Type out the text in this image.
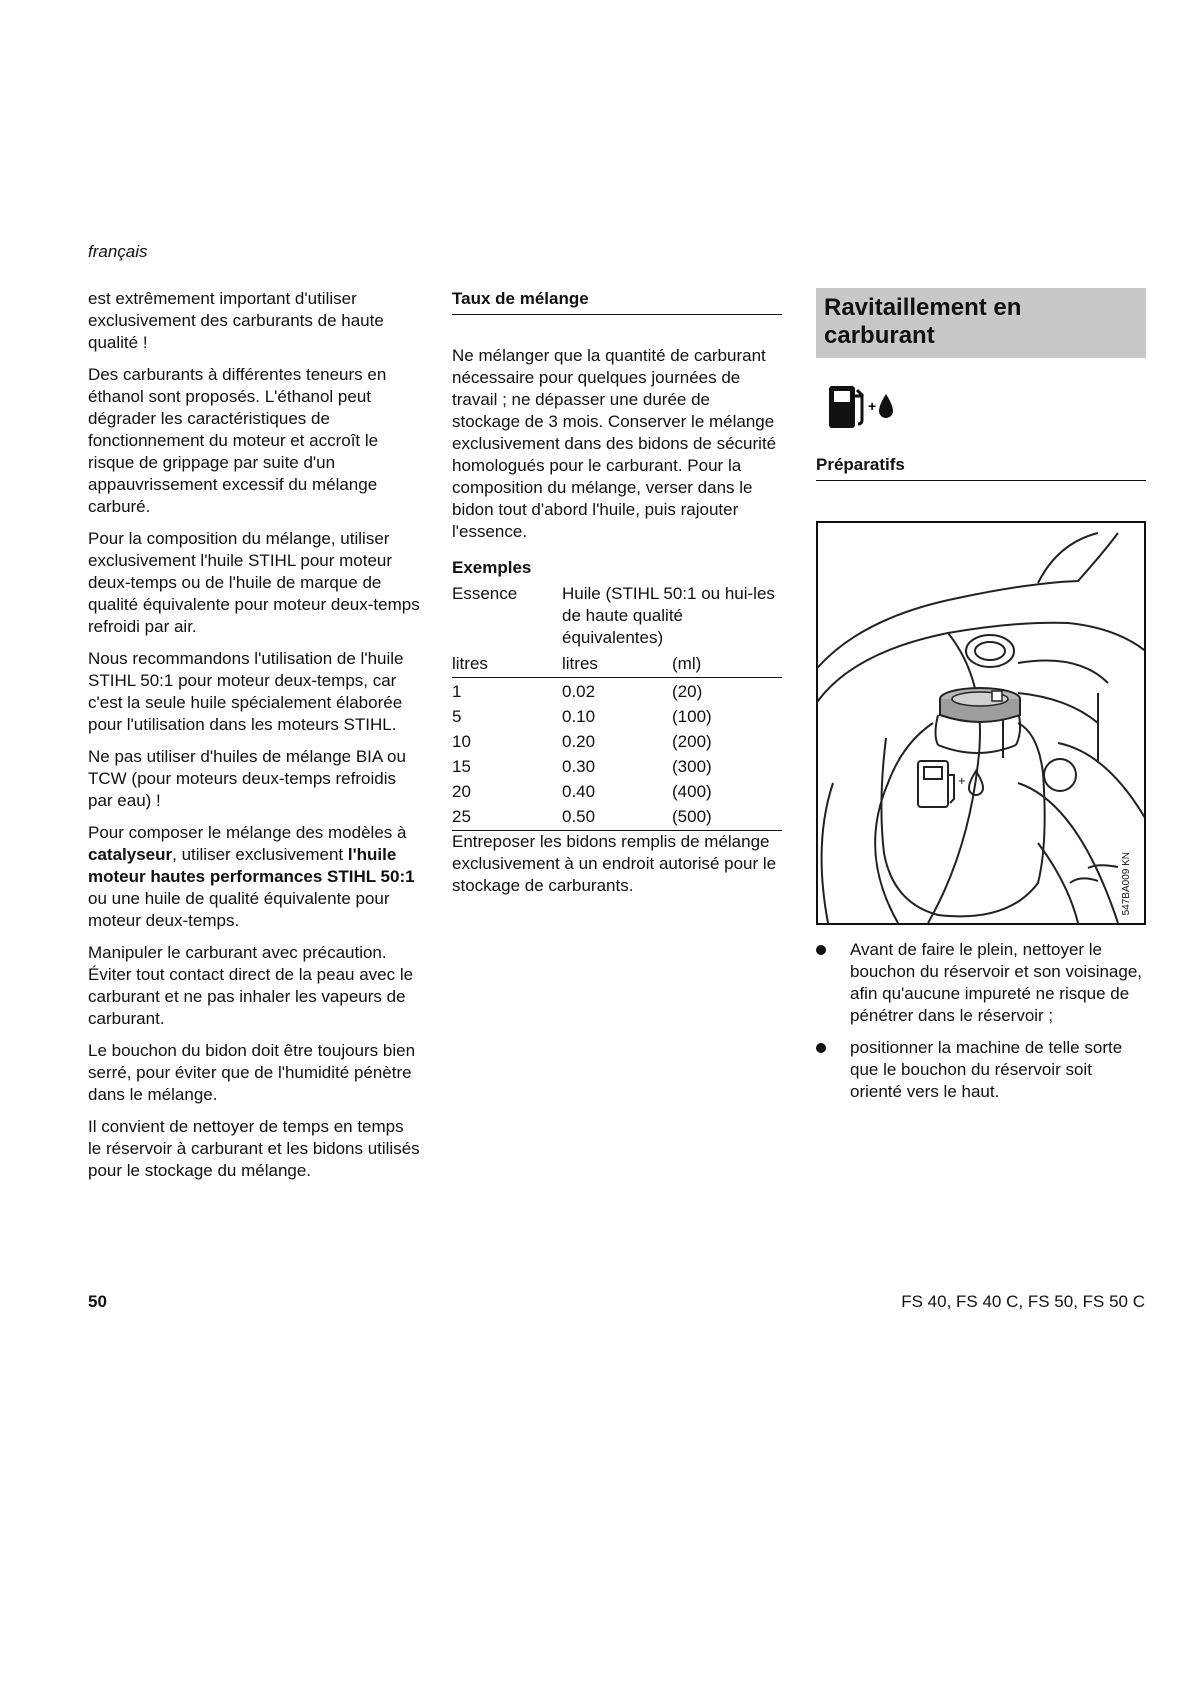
français

est extrêmement important d'utiliser exclusivement des carburants de haute qualité !

Des carburants à différentes teneurs en éthanol sont proposés. L'éthanol peut dégrader les caractéristiques de fonctionnement du moteur et accroît le risque de grippage par suite d'un appauvrissement excessif du mélange carburé.

Pour la composition du mélange, utiliser exclusivement l'huile STIHL pour moteur deux-temps ou de l'huile de marque de qualité équivalente pour moteur deux-temps refroidi par air.

Nous recommandons l'utilisation de l'huile STIHL 50:1 pour moteur deux-temps, car c'est la seule huile spécialement élaborée pour l'utilisation dans les moteurs STIHL.

Ne pas utiliser d'huiles de mélange BIA ou TCW (pour moteurs deux-temps refroidis par eau) !

Pour composer le mélange des modèles à catalyseur, utiliser exclusivement l'huile moteur hautes performances STIHL 50:1 ou une huile de qualité équivalente pour moteur deux-temps.

Manipuler le carburant avec précaution. Éviter tout contact direct de la peau avec le carburant et ne pas inhaler les vapeurs de carburant.

Le bouchon du bidon doit être toujours bien serré, pour éviter que de l'humidité pénètre dans le mélange.

Il convient de nettoyer de temps en temps le réservoir à carburant et les bidons utilisés pour le stockage du mélange.

Taux de mélange

Ne mélanger que la quantité de carburant nécessaire pour quelques journées de travail ; ne dépasser une durée de stockage de 3 mois. Conserver le mélange exclusivement dans des bidons de sécurité homologués pour le carburant. Pour la composition du mélange, verser dans le bidon tout d'abord l'huile, puis rajouter l'essence.

Exemples
Essence	Huile (STIHL 50:1 ou hui-les de haute qualité équivalentes)	
litres	litres	(ml)
1	0.02	(20)
5	0.10	(100)
10	0.20	(200)
15	0.30	(300)
20	0.40	(400)
25	0.50	(500)

Entreposer les bidons remplis de mélange exclusivement à un endroit autorisé pour le stockage de carburants.

Ravitaillement en carburant
+
Préparatifs
+
547BA009 KN
Avant de faire le plein, nettoyer le bouchon du réservoir et son voisinage, afin qu'aucune impureté ne risque de pénétrer dans le réservoir ;
positionner la machine de telle sorte que le bouchon du réservoir soit orienté vers le haut.
50	FS 40, FS 40 C, FS 50, FS 50 C
